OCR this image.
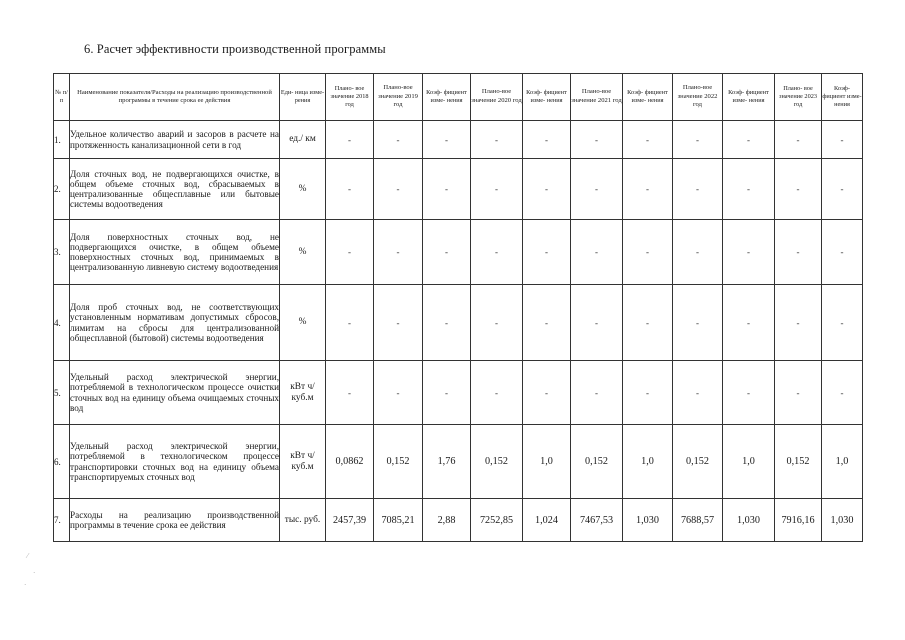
6. Расчет эффективности производственной программы
№ п/п	Наименование показателя/Расходы на реализацию производственной программы в течение срока ее действия	Еди- ница изме- рения	Плано- вое значение 2018 год	Плано-вое значение 2019 год	Коэф- фициент изме- нения	Плано-вое значение 2020 год	Коэф- фициент изме- нения	Плано-вое значение 2021 год	Коэф- фициент изме- нения	Плано-вое значение 2022 год	Коэф- фициент изме- нения	Плано- вое значение 2023 год	Коэф- фициент изме- нения
1.	Удельное количество аварий и засоров в расчете на протяженность канализационной сети в год	ед./ км	-	-	-	-	-	-	-	-	-	-	-
2.	Доля сточных вод, не подвергающихся очистке, в общем объеме сточных вод, сбрасываемых в централизованные общесплавные или бытовые системы водоотведения	%	-	-	-	-	-	-	-	-	-	-	-
3.	Доля поверхностных сточных вод, не подвергающихся очистке, в общем объеме поверхностных сточных вод, принимаемых в централизованную ливневую систему водоотведения	%	-	-	-	-	-	-	-	-	-	-	-
4.	Доля проб сточных вод, не соответствующих установленным нормативам допустимых сбросов, лимитам на сбросы для централизованной общесплавной (бытовой) системы водоотведения	%	-	-	-	-	-	-	-	-	-	-	-
5.	Удельный расход электрической энергии, потребляемой в технологическом процессе очистки сточных вод на единицу объема очищаемых сточных вод	кВт ч/куб.м	-	-	-	-	-	-	-	-	-	-	-
6.	Удельный расход электрической энергии, потребляемой в технологическом процессе транспортировки сточных вод на единицу объема транспортируемых сточных вод	кВт ч/куб.м	0,0862	0,152	1,76	0,152	1,0	0,152	1,0	0,152	1,0	0,152	1,0
7.	Расходы на реализацию производственной программы в течение срока ее действия	тыс. руб.	2457,39	7085,21	2,88	7252,85	1,024	7467,53	1,030	7688,57	1,030	7916,16	1,030
⁄
·
·
